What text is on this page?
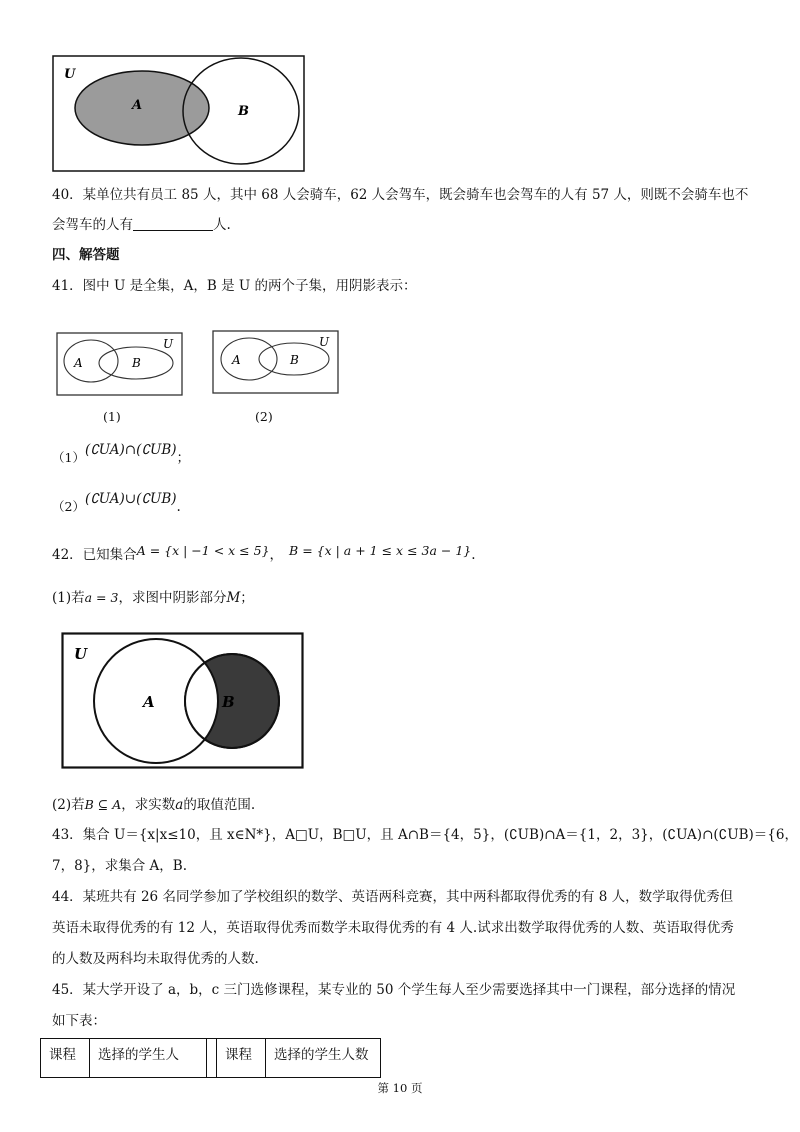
U
A	B
40．某单位共有员工 85 人，其中 68 人会骑车，62 人会驾车，既会骑车也会驾车的人有 57 人，则既不会骑车也不
会驾车的人有	人.
四、解答题
41．图中 U 是全集，A，B 是 U 的两个子集，用阴影表示：
A	B
U
(1)
A	B
U
(2)
（1）(∁UA)∩(∁UB)；
（2）(∁UA)∪(∁UB).
42．已知集合A = {x | −1 < x ≤ 5}， B = {x | a + 1 ≤ x ≤ 3a − 1}.
(1)若a = 3，求图中阴影部分M；
U
A	B
(2)若B ⊆ A，求实数a的取值范围.
43．集合 U＝{x|x≤10，且 x∈N*}，A□U，B□U，且 A∩B＝{4，5}，(∁UB)∩A＝{1，2，3}，(∁UA)∩(∁UB)＝{6，
7，8}，求集合 A，B.
44．某班共有 26 名同学参加了学校组织的数学、英语两科竞赛，其中两科都取得优秀的有 8 人，数学取得优秀但
英语未取得优秀的有 12 人，英语取得优秀而数学未取得优秀的有 4 人.试求出数学取得优秀的人数、英语取得优秀
的人数及两科均未取得优秀的人数.
45．某大学开设了 a，b，c 三门选修课程，某专业的 50 个学生每人至少需要选择其中一门课程，部分选择的情况
如下表：
课程	选择的学生人		课程	选择的学生人数
第 10 页
